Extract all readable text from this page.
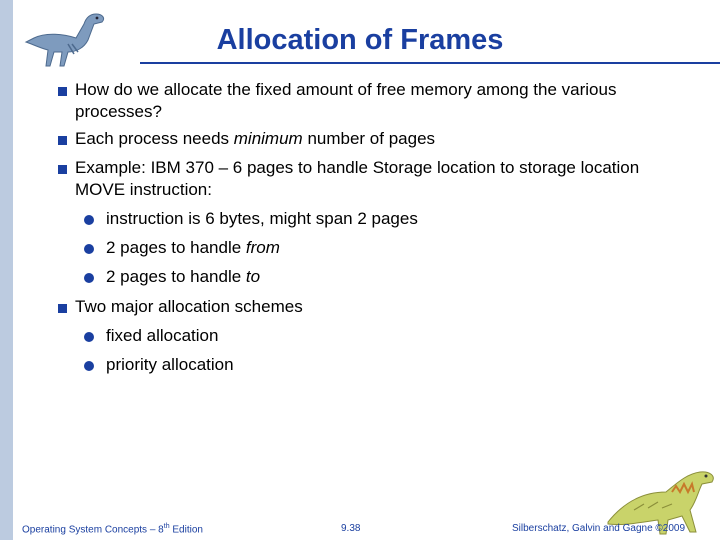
Allocation of Frames
How do we allocate the fixed amount of free memory among the various processes?
Each process needs minimum number of pages
Example: IBM 370 – 6 pages to handle Storage location to storage location MOVE instruction:
instruction is 6 bytes, might span 2 pages
2 pages to handle from
2 pages to handle to
Two major allocation schemes
fixed allocation
priority allocation
Operating System Concepts – 8th Edition	9.38	Silberschatz, Galvin and Gagne ©2009
